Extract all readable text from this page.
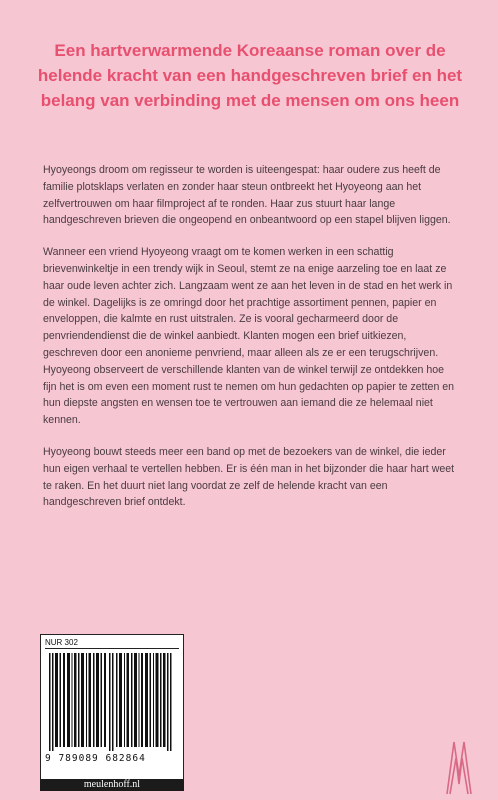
Een hartverwarmende Koreaanse roman over de helende kracht van een handgeschreven brief en het belang van verbinding met de mensen om ons heen

Hyoyeongs droom om regisseur te worden is uiteengespat: haar oudere zus heeft de familie plotsklaps verlaten en zonder haar steun ontbreekt het Hyoyeong aan het zelfvertrouwen om haar filmproject af te ronden. Haar zus stuurt haar lange handgeschreven brieven die ongeopend en onbeantwoord op een stapel blijven liggen.

Wanneer een vriend Hyoyeong vraagt om te komen werken in een schattig brievenwinkeltje in een trendy wijk in Seoul, stemt ze na enige aarzeling toe en laat ze haar oude leven achter zich. Langzaam went ze aan het leven in de stad en het werk in de winkel. Dagelijks is ze omringd door het prachtige assortiment pennen, papier en enveloppen, die kalmte en rust uitstralen. Ze is vooral gecharmeerd door de penvriendendienst die de winkel aanbiedt. Klanten mogen een brief uitkiezen, geschreven door een anonieme penvriend, maar alleen als ze er een terugschrijven. Hyoyeong observeert de verschillende klanten van de winkel terwijl ze ontdekken hoe fijn het is om even een moment rust te nemen om hun gedachten op papier te zetten en hun diepste angsten en wensen toe te vertrouwen aan iemand die ze helemaal niet kennen.

Hyoyeong bouwt steeds meer een band op met de bezoekers van de winkel, die ieder hun eigen verhaal te vertellen hebben. Er is één man in het bijzonder die haar hart weet te raken. En het duurt niet lang voordat ze zelf de helende kracht van een handgeschreven brief ontdekt.

NUR 302
9 789089 682864
meulenhoff.nl
